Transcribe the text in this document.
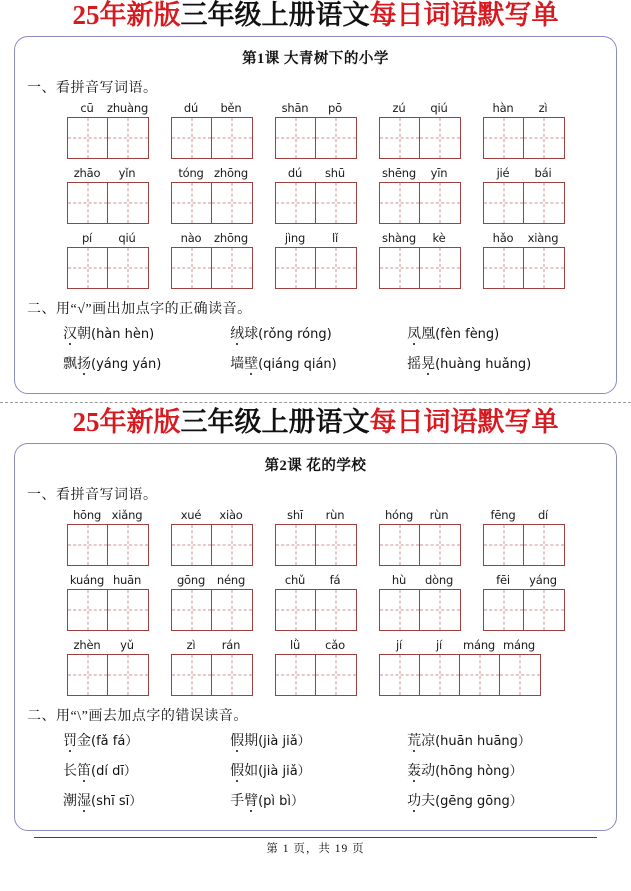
25年新版三年级上册语文每日词语默写单
第1课 大青树下的小学
一、看拼音写词语。
cū	zhuàng	dú	běn	shān	pō	zú	qiú	hàn	zì
zhāo	yǐn	tóng zhōng	dú	shū	shēng	yīn	jié	bái
pí	qiú	nào	zhōng	jìng	lǐ	shàng	kè	hǎo	xiàng
二、用“√”画出加点字的正确读音。
汉朝(hàn hèn)	绒球(rǒng róng)	凤凰(fèn fèng)
飘扬(yáng yán)	墙壁(qiáng qián)	摇晃(huàng huǎng)
25年新版三年级上册语文每日词语默写单
第2课 花的学校
一、看拼音写词语。
hōng xiǎng	xué	xiào	shī	rùn	hóng	rùn	fēng	dí
kuáng huān	gōng	néng	chǔ	fá	hù	dòng	fēi	yáng
zhèn	yǔ	zì	rán	lǜ	cǎo	jí	jí	máng máng
二、用“\”画去加点字的错误读音。
罚金(fǎ fá）	假期(jià jiǎ）	荒凉(huān huāng）
长笛(dí dī）	假如(jià jiǎ）	轰动(hōng hòng）
潮湿(shī sī）	手臂(pì bì）	功夫(gēng gōng）
第 1 页，共 19 页
